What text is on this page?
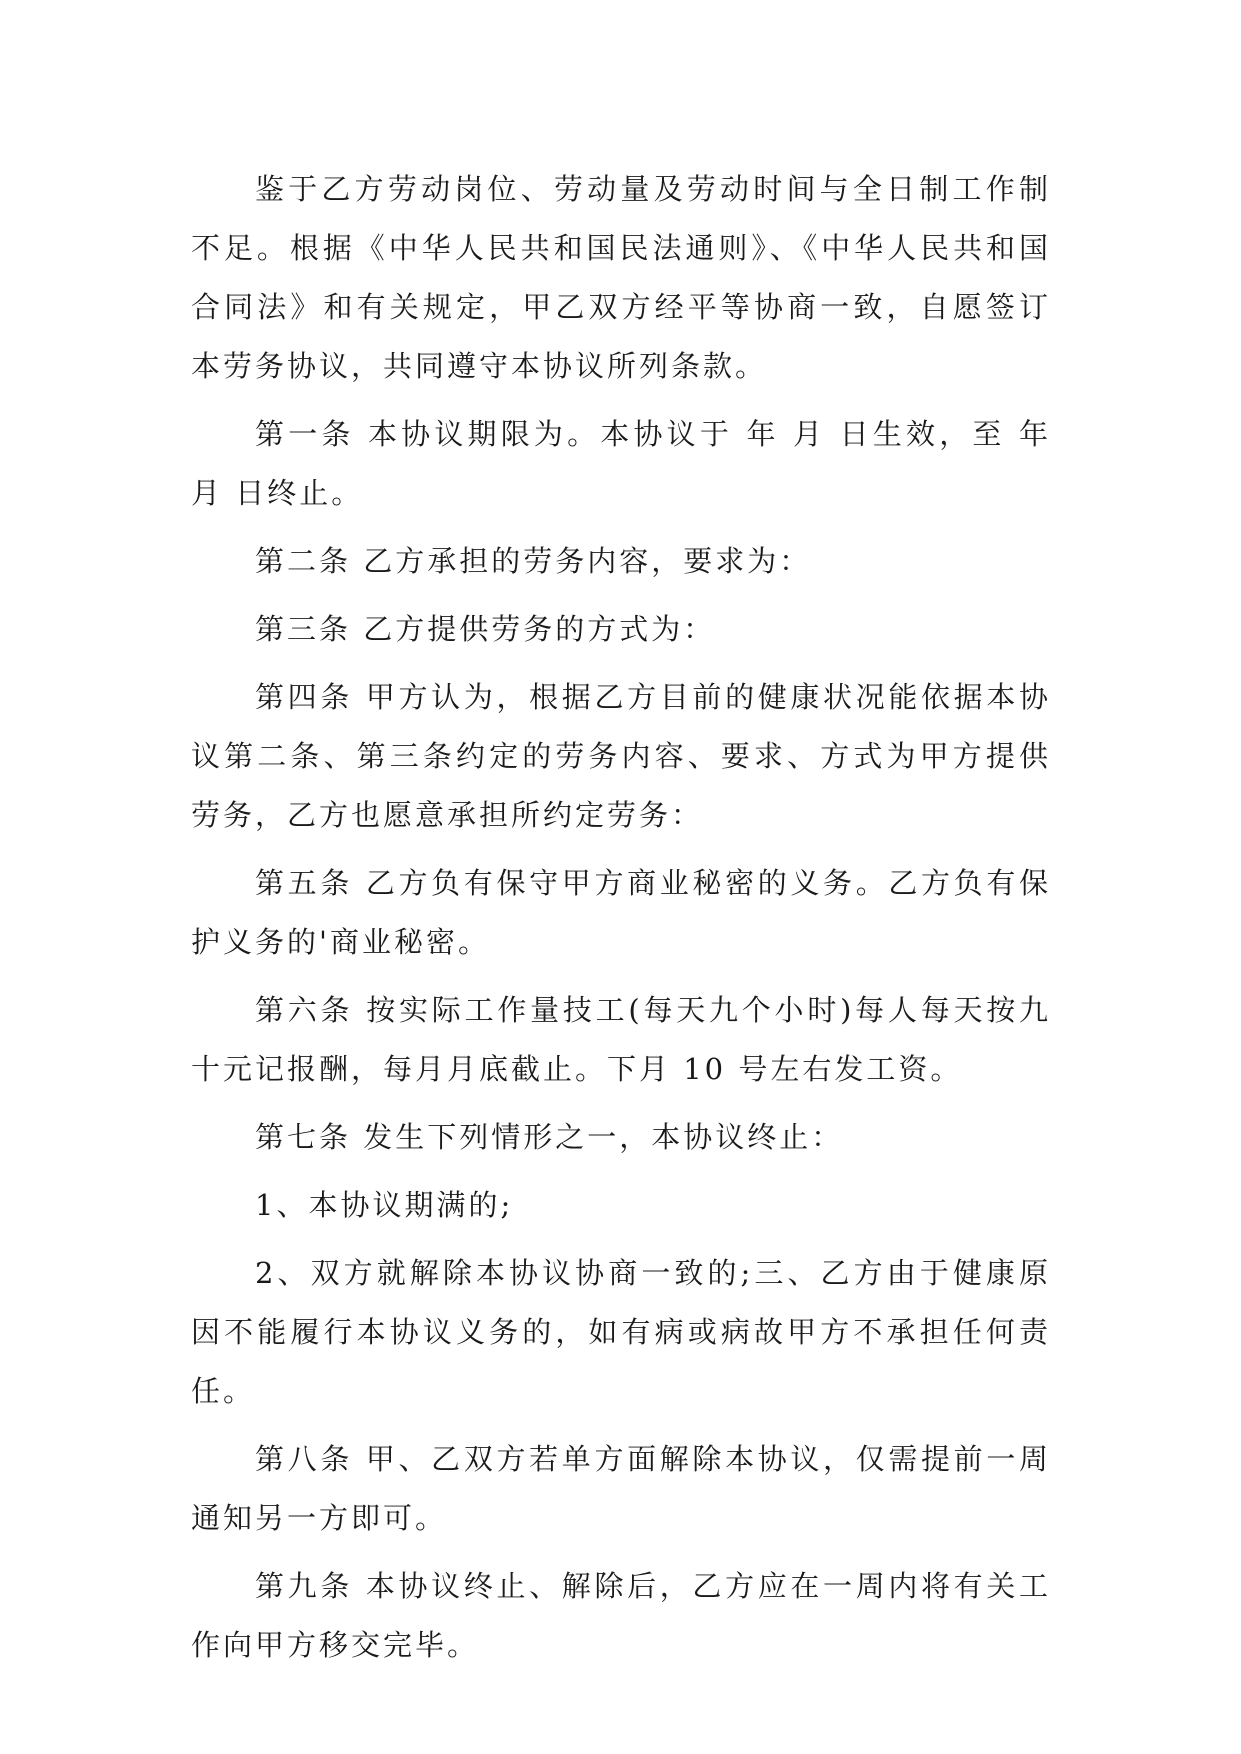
鉴于乙方劳动岗位、劳动量及劳动时间与全日制工作制不足。根据《中华人民共和国民法通则》、《中华人民共和国合同法》和有关规定，甲乙双方经平等协商一致，自愿签订本劳务协议，共同遵守本协议所列条款。

第一条 本协议期限为。本协议于 年 月 日生效，至 年 月 日终止。

第二条 乙方承担的劳务内容，要求为：

第三条 乙方提供劳务的方式为：

第四条 甲方认为，根据乙方目前的健康状况能依据本协议第二条、第三条约定的劳务内容、要求、方式为甲方提供劳务，乙方也愿意承担所约定劳务：

第五条 乙方负有保守甲方商业秘密的义务。乙方负有保护义务的'商业秘密。

第六条 按实际工作量技工(每天九个小时)每人每天按九十元记报酬，每月月底截止。下月 10 号左右发工资。

第七条 发生下列情形之一，本协议终止：

1、本协议期满的;

2、双方就解除本协议协商一致的;三、乙方由于健康原因不能履行本协议义务的，如有病或病故甲方不承担任何责任。

第八条 甲、乙双方若单方面解除本协议，仅需提前一周通知另一方即可。

第九条 本协议终止、解除后，乙方应在一周内将有关工作向甲方移交完毕。
